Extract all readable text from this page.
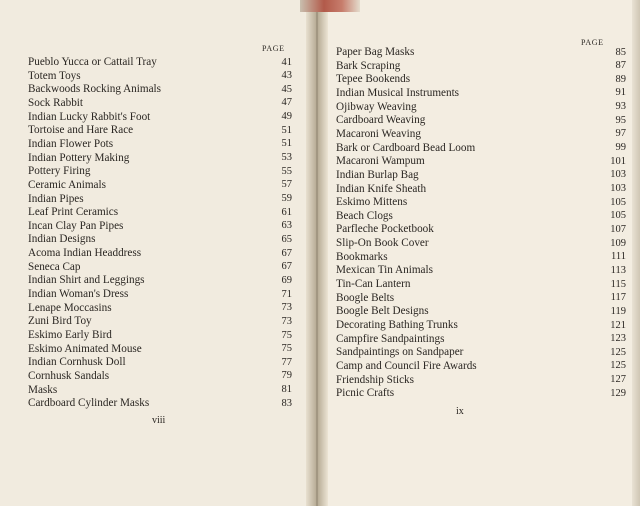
PAGE
Pueblo Yucca or Cattail Tray	41
Totem Toys	43
Backwoods Rocking Animals	45
Sock Rabbit	47
Indian Lucky Rabbit's Foot	49
Tortoise and Hare Race	51
Indian Flower Pots	51
Indian Pottery Making	53
Pottery Firing	55
Ceramic Animals	57
Indian Pipes	59
Leaf Print Ceramics	61
Incan Clay Pan Pipes	63
Indian Designs	65
Acoma Indian Headdress	67
Seneca Cap	67
Indian Shirt and Leggings	69
Indian Woman's Dress	71
Lenape Moccasins	73
Zuni Bird Toy	73
Eskimo Early Bird	75
Eskimo Animated Mouse	75
Indian Cornhusk Doll	77
Cornhusk Sandals	79
Masks	81
Cardboard Cylinder Masks	83
viii
PAGE
Paper Bag Masks	85
Bark Scraping	87
Tepee Bookends	89
Indian Musical Instruments	91
Ojibway Weaving	93
Cardboard Weaving	95
Macaroni Weaving	97
Bark or Cardboard Bead Loom	99
Macaroni Wampum	101
Indian Burlap Bag	103
Indian Knife Sheath	103
Eskimo Mittens	105
Beach Clogs	105
Parfleche Pocketbook	107
Slip-On Book Cover	109
Bookmarks	111
Mexican Tin Animals	113
Tin-Can Lantern	115
Boogle Belts	117
Boogle Belt Designs	119
Decorating Bathing Trunks	121
Campfire Sandpaintings	123
Sandpaintings on Sandpaper	125
Camp and Council Fire Awards	125
Friendship Sticks	127
Picnic Crafts	129
ix
